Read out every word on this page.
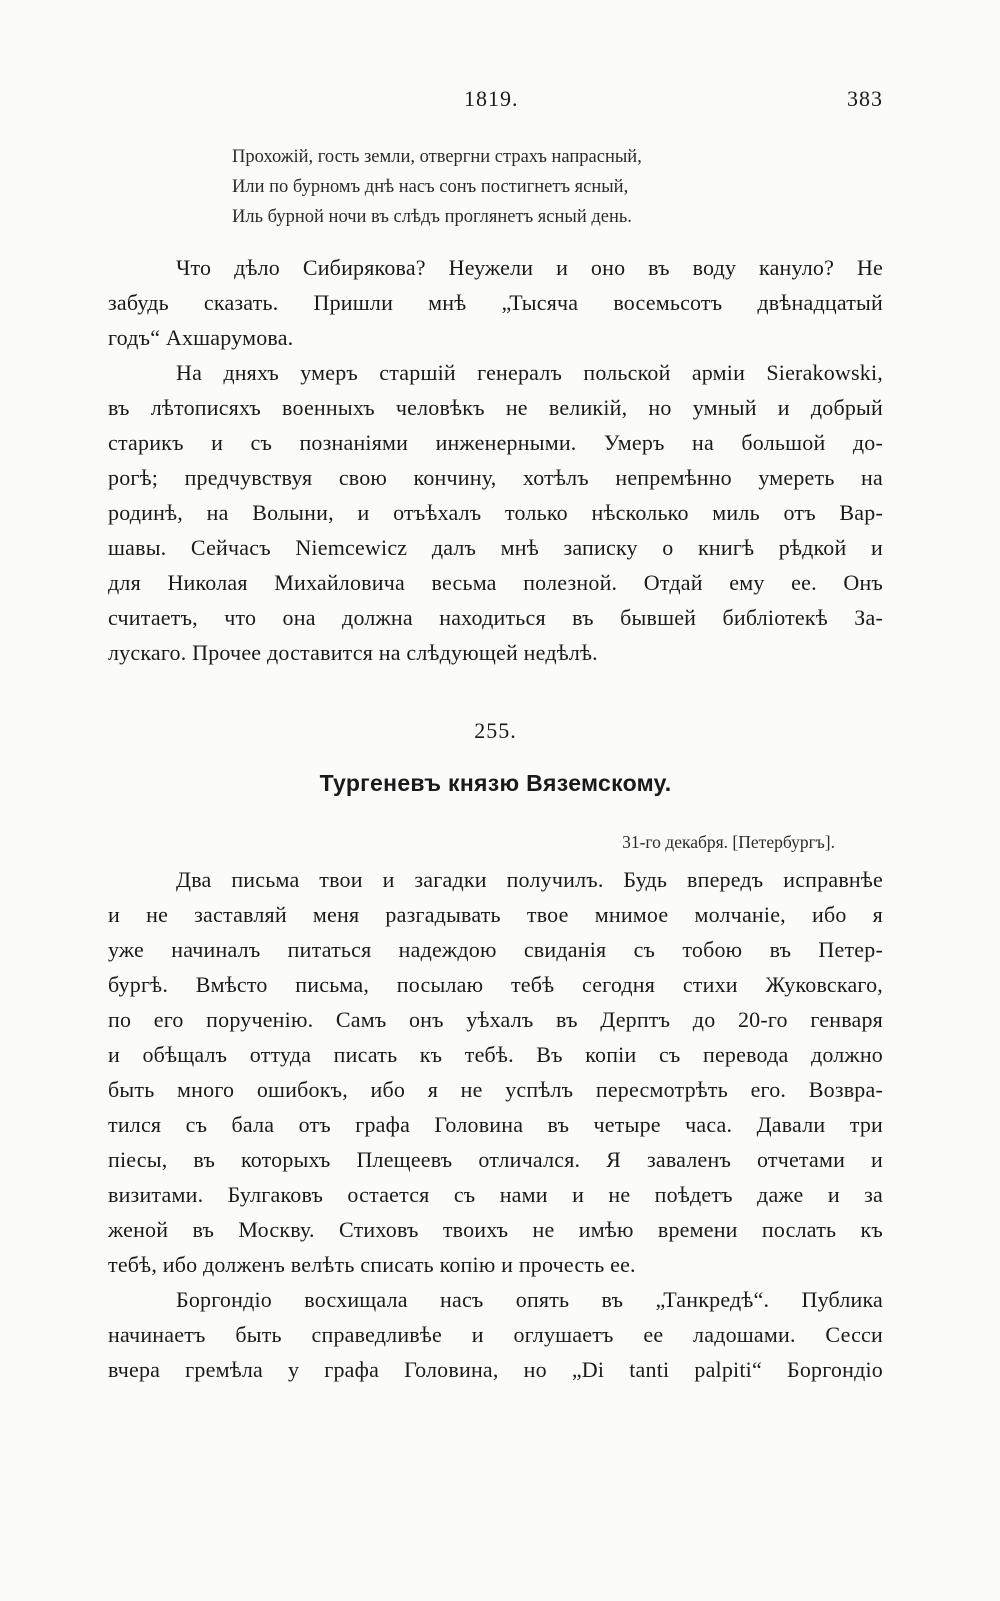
1819.	383
Прохожій, гость земли, отвергни страхъ напрасный,
Или по бурномъ днѣ насъ сонъ постигнетъ ясный,
Иль бурной ночи въ слѣдъ проглянетъ ясный день.
Что дѣло Сибирякова? Неужели и оно въ воду кануло? Не
забудь сказать. Пришли мнѣ „Тысяча восемьсотъ двѣнадцатый
годъ“ Ахшарумова.
На дняхъ умеръ старшій генералъ польской арміи Sierakowski,
въ лѣтописяхъ военныхъ человѣкъ не великій, но умный и добрый
старикъ и съ познаніями инженерными. Умеръ на большой до-
рогѣ; предчувствуя свою кончину, хотѣлъ непремѣнно умереть на
родинѣ, на Волыни, и отъѣхалъ только нѣсколько миль отъ Вар-
шавы. Сейчасъ Niemcewicz далъ мнѣ записку о книгѣ рѣдкой и
для Николая Михайловича весьма полезной. Отдай ему ее. Онъ
считаетъ, что она должна находиться въ бывшей библіотекѣ За-
лускаго. Прочее доставится на слѣдующей недѣлѣ.
255.
Тургеневъ князю Вяземскому.
31-го декабря. [Петербургъ].
Два письма твои и загадки получилъ. Будь впередъ исправнѣе
и не заставляй меня разгадывать твое мнимое молчаніе, ибо я
уже начиналъ питаться надеждою свиданія съ тобою въ Петер-
бургѣ. Вмѣсто письма, посылаю тебѣ сегодня стихи Жуковскаго,
по его порученію. Самъ онъ уѣхалъ въ Дерптъ до 20-го генваря
и обѣщалъ оттуда писать къ тебѣ. Въ копіи съ перевода должно
быть много ошибокъ, ибо я не успѣлъ пересмотрѣть его. Возвра-
тился съ бала отъ графа Головина въ четыре часа. Давали три
піесы, въ которыхъ Плещеевъ отличался. Я заваленъ отчетами и
визитами. Булгаковъ остается съ нами и не поѣдетъ даже и за
женой въ Москву. Стиховъ твоихъ не имѣю времени послать къ
тебѣ, ибо долженъ велѣть списать копію и прочесть ее.
Боргондіо восхищала насъ опять въ „Танкредѣ“. Публика
начинаетъ быть справедливѣе и оглушаетъ ее ладошами. Сесси
вчера гремѣла у графа Головина, но „Di tanti palpiti“ Боргондіо
